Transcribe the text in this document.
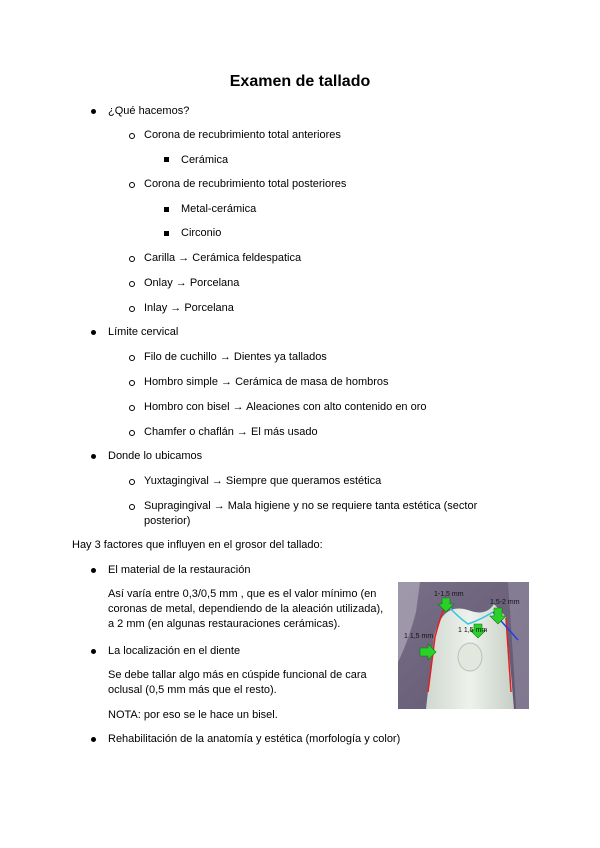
Examen de tallado
¿Qué hacemos?
Corona de recubrimiento total anteriores
Cerámica
Corona de recubrimiento total posteriores
Metal-cerámica
Circonio
Carilla → Cerámica feldespatica
Onlay → Porcelana
Inlay → Porcelana
Límite cervical
Filo de cuchillo → Dientes ya tallados
Hombro simple → Cerámica de masa de hombros
Hombro con bisel → Aleaciones con alto contenido en oro
Chamfer o chaflán → El más usado
Donde lo ubicamos
Yuxtagingival → Siempre que queramos estética
Supragingival → Mala higiene y no se requiere tanta estética (sector posterior)
Hay 3 factores que influyen en el grosor del tallado:
El material de la restauración
Así varía entre 0,3/0,5 mm , que es el valor mínimo (en coronas de metal, dependiendo de la aleación utilizada), a 2 mm (en algunas restauraciones cerámicas).
La localización en el diente
Se debe tallar algo más en cúspide funcional de cara oclusal (0,5 mm más que el resto).
NOTA: por eso se le hace un bisel.
Rehabilitación de la anatomía y estética (morfología y color)
1-1,5 mm
1,5-2 mm
1 1,5 mm
1 1,5 mm
